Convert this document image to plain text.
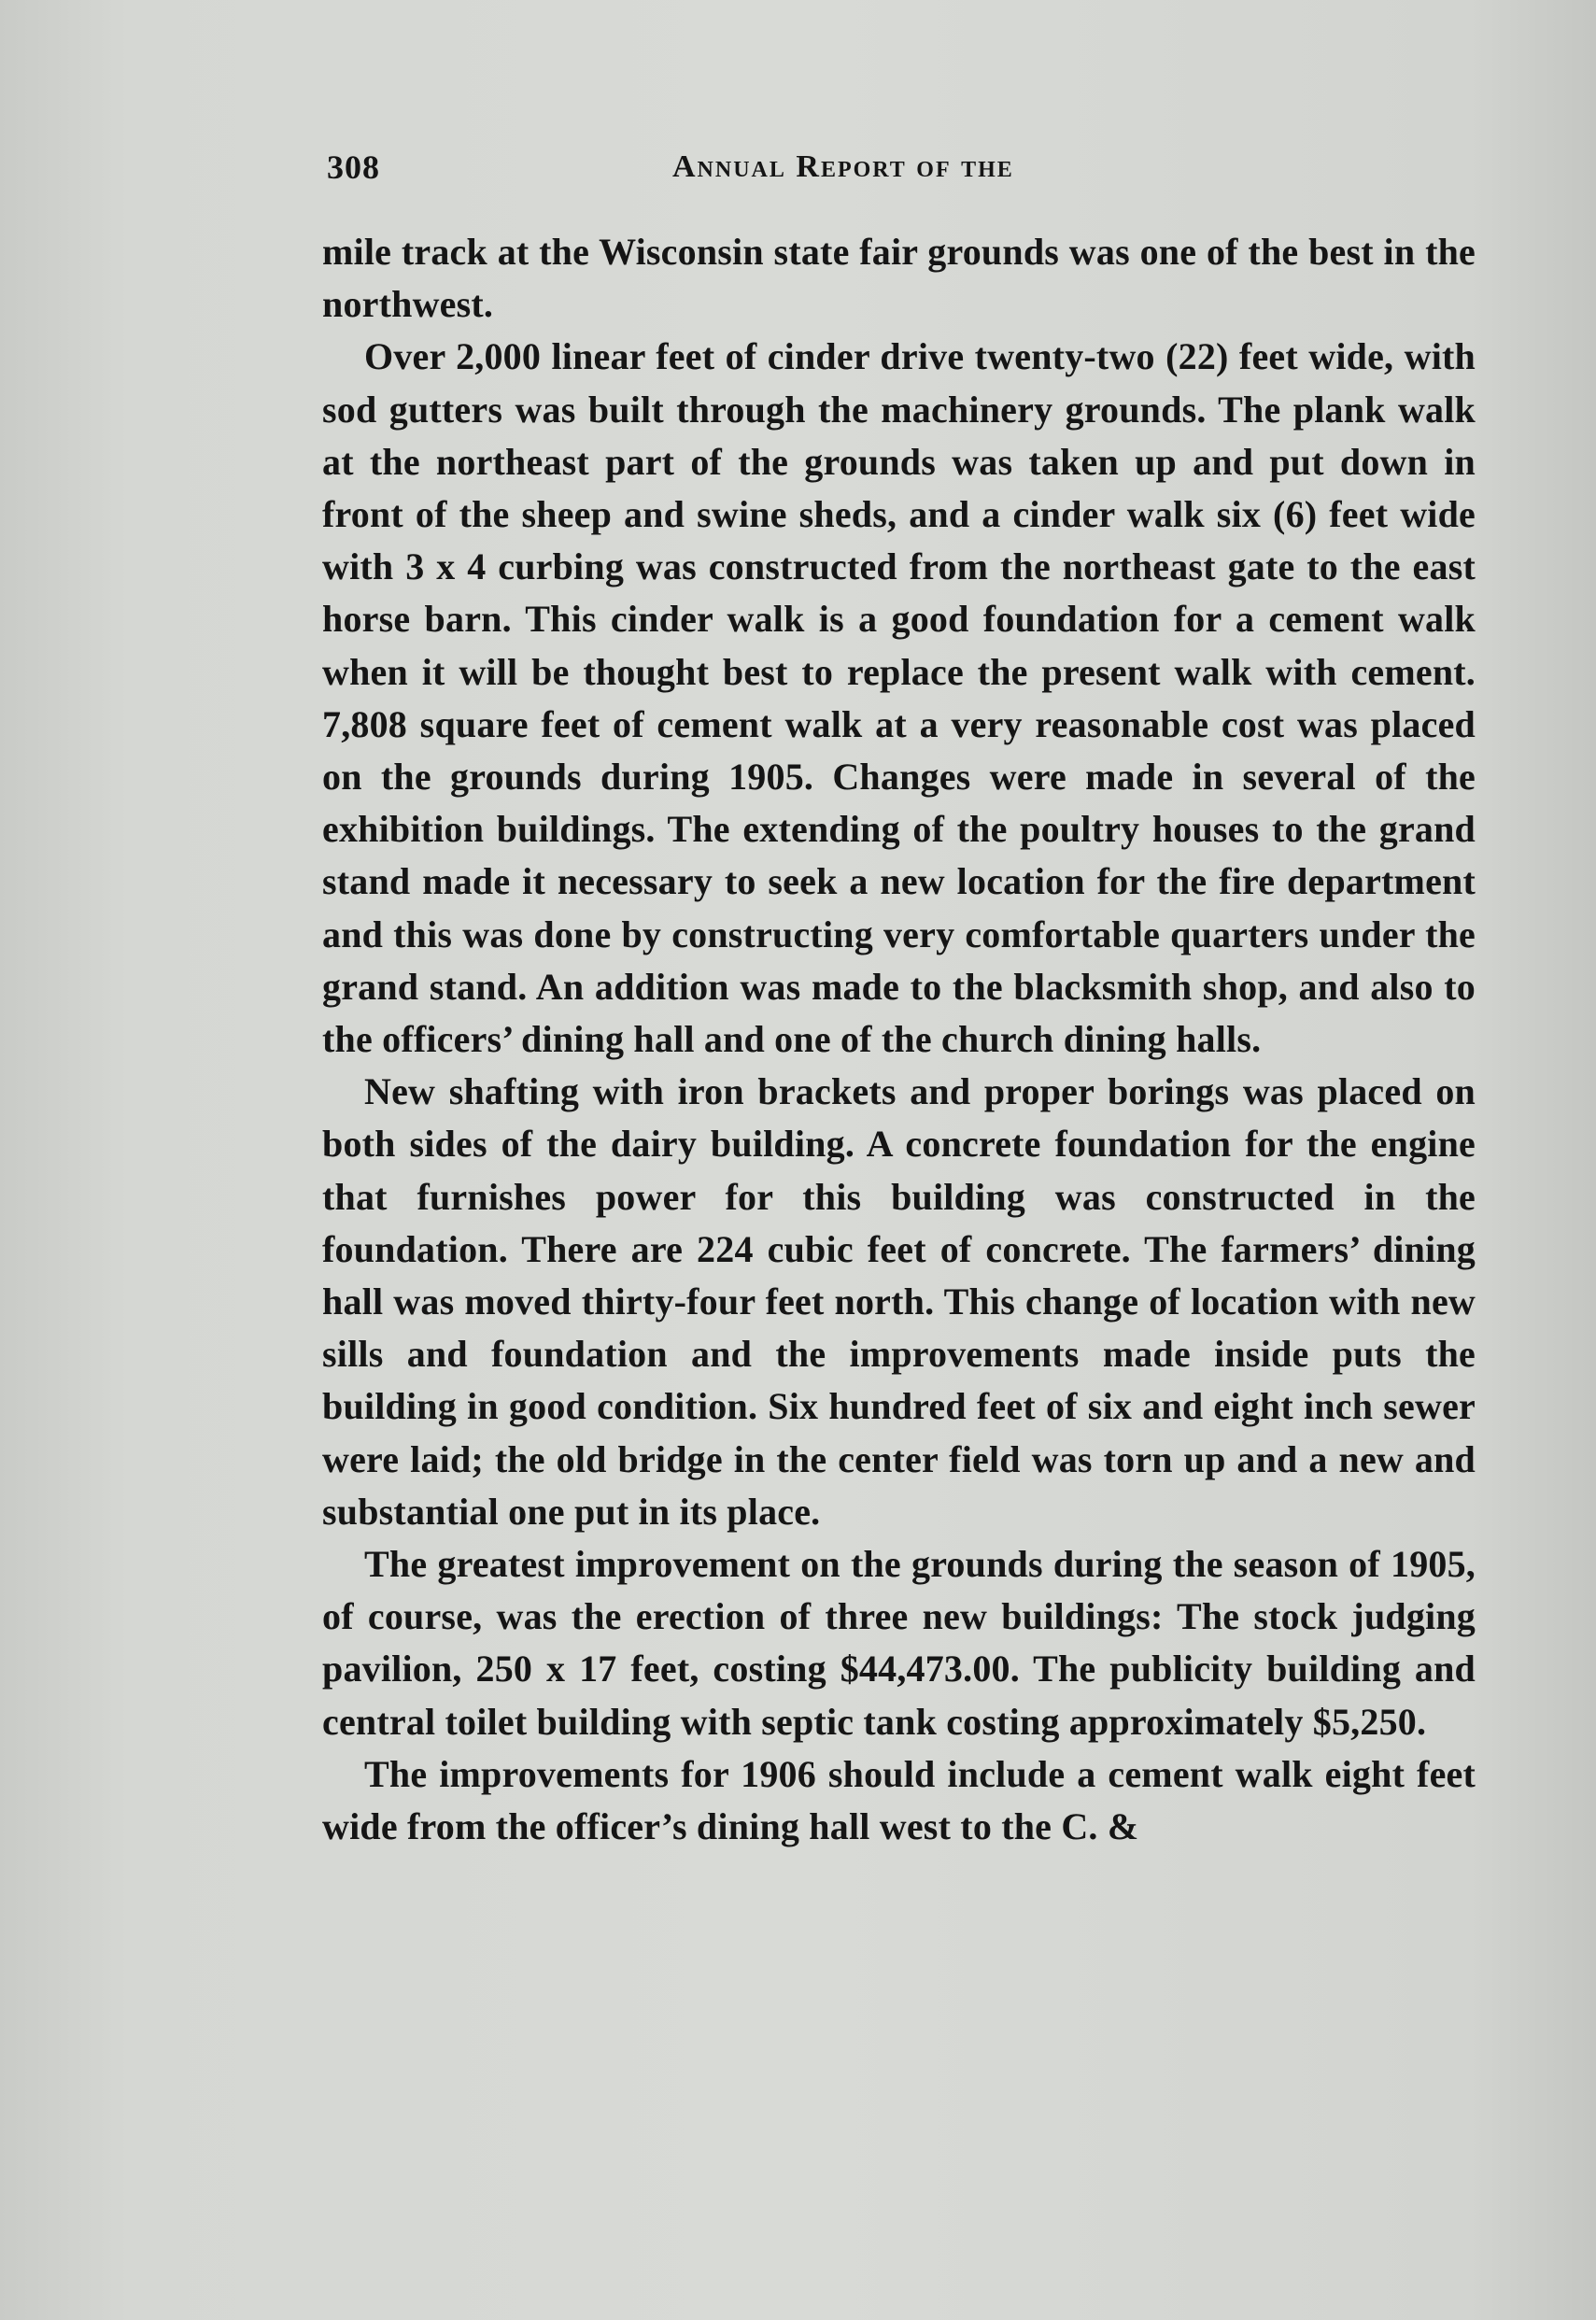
308	Annual Report of the

mile track at the Wisconsin state fair grounds was one of the best in the northwest.

Over 2,000 linear feet of cinder drive twenty-two (22) feet wide, with sod gutters was built through the machinery grounds. The plank walk at the northeast part of the grounds was taken up and put down in front of the sheep and swine sheds, and a cinder walk six (6) feet wide with 3 x 4 curbing was constructed from the northeast gate to the east horse barn. This cinder walk is a good foundation for a cement walk when it will be thought best to replace the present walk with cement. 7,808 square feet of cement walk at a very reasonable cost was placed on the grounds during 1905. Changes were made in several of the exhibition buildings. The extending of the poultry houses to the grand stand made it necessary to seek a new location for the fire department and this was done by constructing very comfortable quarters under the grand stand. An addition was made to the blacksmith shop, and also to the officers’ dining hall and one of the church dining halls.

New shafting with iron brackets and proper borings was placed on both sides of the dairy building. A concrete foundation for the engine that furnishes power for this building was constructed in the foundation. There are 224 cubic feet of concrete. The farmers’ dining hall was moved thirty-four feet north. This change of location with new sills and foundation and the improvements made inside puts the building in good condition. Six hundred feet of six and eight inch sewer were laid; the old bridge in the center field was torn up and a new and substantial one put in its place.

The greatest improvement on the grounds during the season of 1905, of course, was the erection of three new buildings: The stock judging pavilion, 250 x 17 feet, costing $44,473.00. The publicity building and central toilet building with septic tank costing approximately $5,250.

The improvements for 1906 should include a cement walk eight feet wide from the officer’s dining hall west to the C. &
